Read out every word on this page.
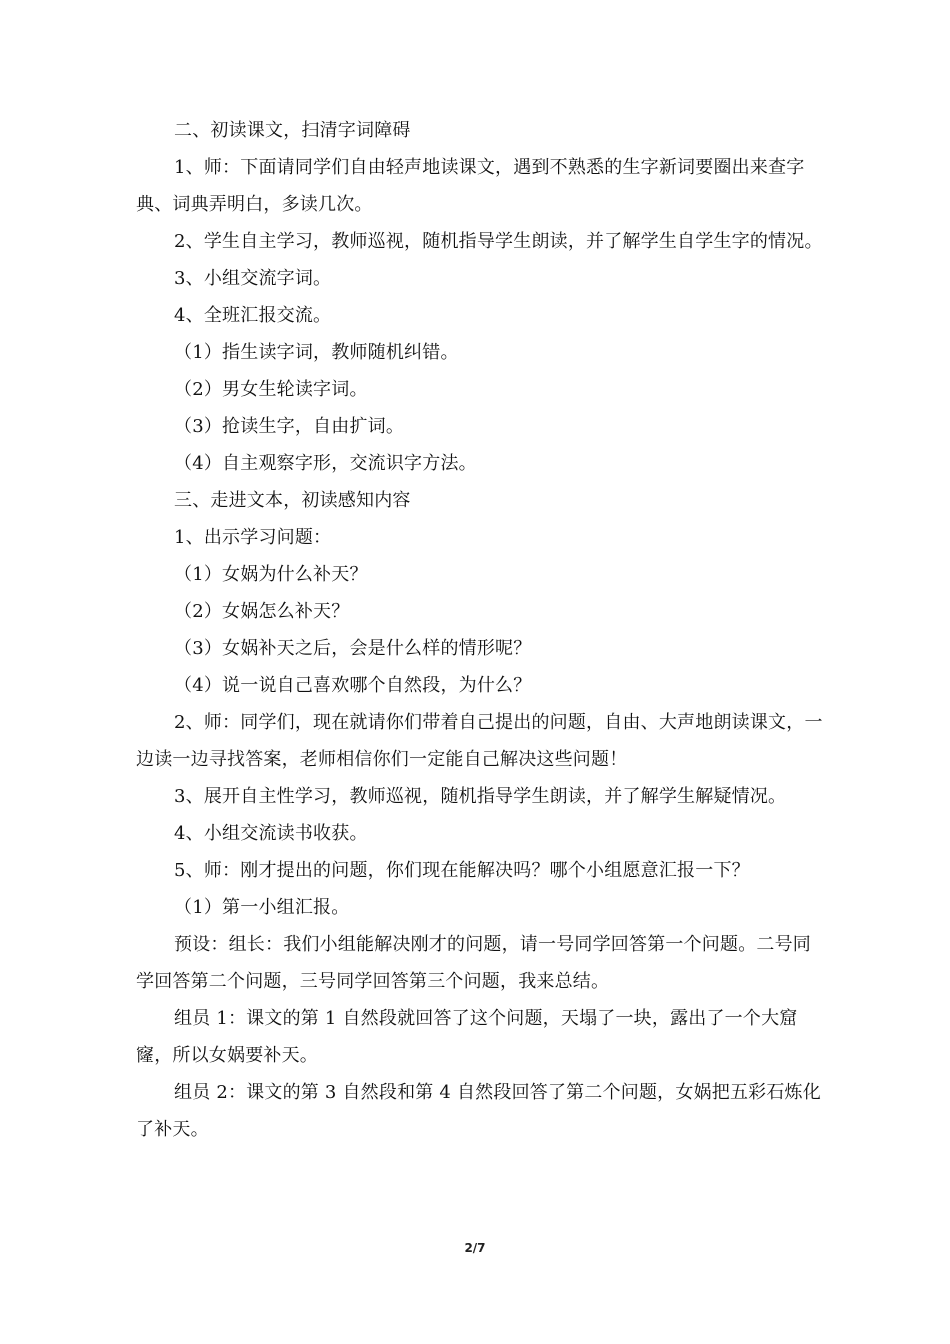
二、初读课文，扫清字词障碍

1、师：下面请同学们自由轻声地读课文，遇到不熟悉的生字新词要圈出来查字典、词典弄明白，多读几次。

2、学生自主学习，教师巡视，随机指导学生朗读，并了解学生自学生字的情况。

3、小组交流字词。

4、全班汇报交流。

（1）指生读字词，教师随机纠错。

（2）男女生轮读字词。

（3）抢读生字，自由扩词。

（4）自主观察字形，交流识字方法。

三、走进文本，初读感知内容

1、出示学习问题：

（1）女娲为什么补天？

（2）女娲怎么补天？

（3）女娲补天之后，会是什么样的情形呢？

（4）说一说自己喜欢哪个自然段，为什么？

2、师：同学们，现在就请你们带着自己提出的问题，自由、大声地朗读课文，一边读一边寻找答案，老师相信你们一定能自己解决这些问题！

3、展开自主性学习，教师巡视，随机指导学生朗读，并了解学生解疑情况。

4、小组交流读书收获。

5、师：刚才提出的问题，你们现在能解决吗？哪个小组愿意汇报一下？

（1）第一小组汇报。

预设：组长：我们小组能解决刚才的问题，请一号同学回答第一个问题。二号同学回答第二个问题，三号同学回答第三个问题，我来总结。

组员 1：课文的第 1 自然段就回答了这个问题，天塌了一块，露出了一个大窟窿，所以女娲要补天。

组员 2：课文的第 3 自然段和第 4 自然段回答了第二个问题，女娲把五彩石炼化了补天。

2/7
